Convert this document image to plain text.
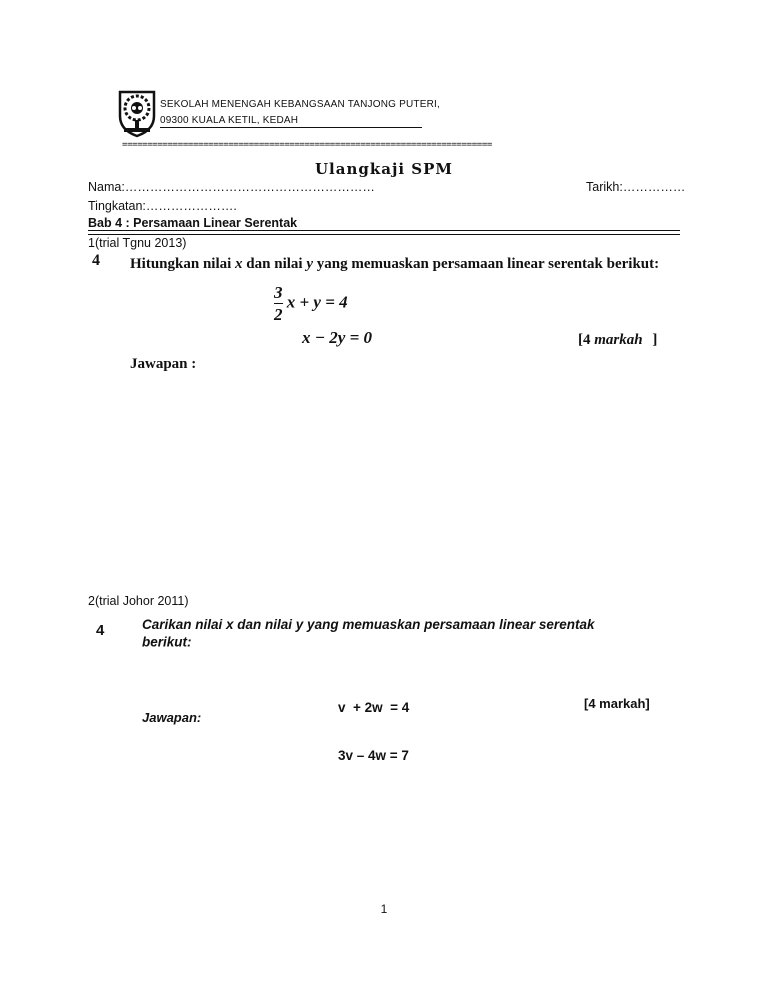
SEKOLAH MENENGAH KEBANGSAAN TANJONG PUTERI,
09300 KUALA KETIL, KEDAH
=========================================================================
Ulangkaji SPM
Nama:……………………………………………………	Tarikh:……………
Tingkatan:………………….
Bab 4 : Persamaan Linear Serentak
1(trial Tgnu 2013)
4 Hitungkan nilai x dan nilai y yang memuaskan persamaan linear serentak berikut:
$\frac{3}{2}$ x + y = 4
x − 2y = 0	[4 markah ]
Jawapan :
2(trial Johor 2011)
4	Carikan nilai x dan nilai y yang memuaskan persamaan linear serentak
berikut:

v  + 2w  = 4

3v – 4w = 7

[4 markah]
Jawapan:
1
